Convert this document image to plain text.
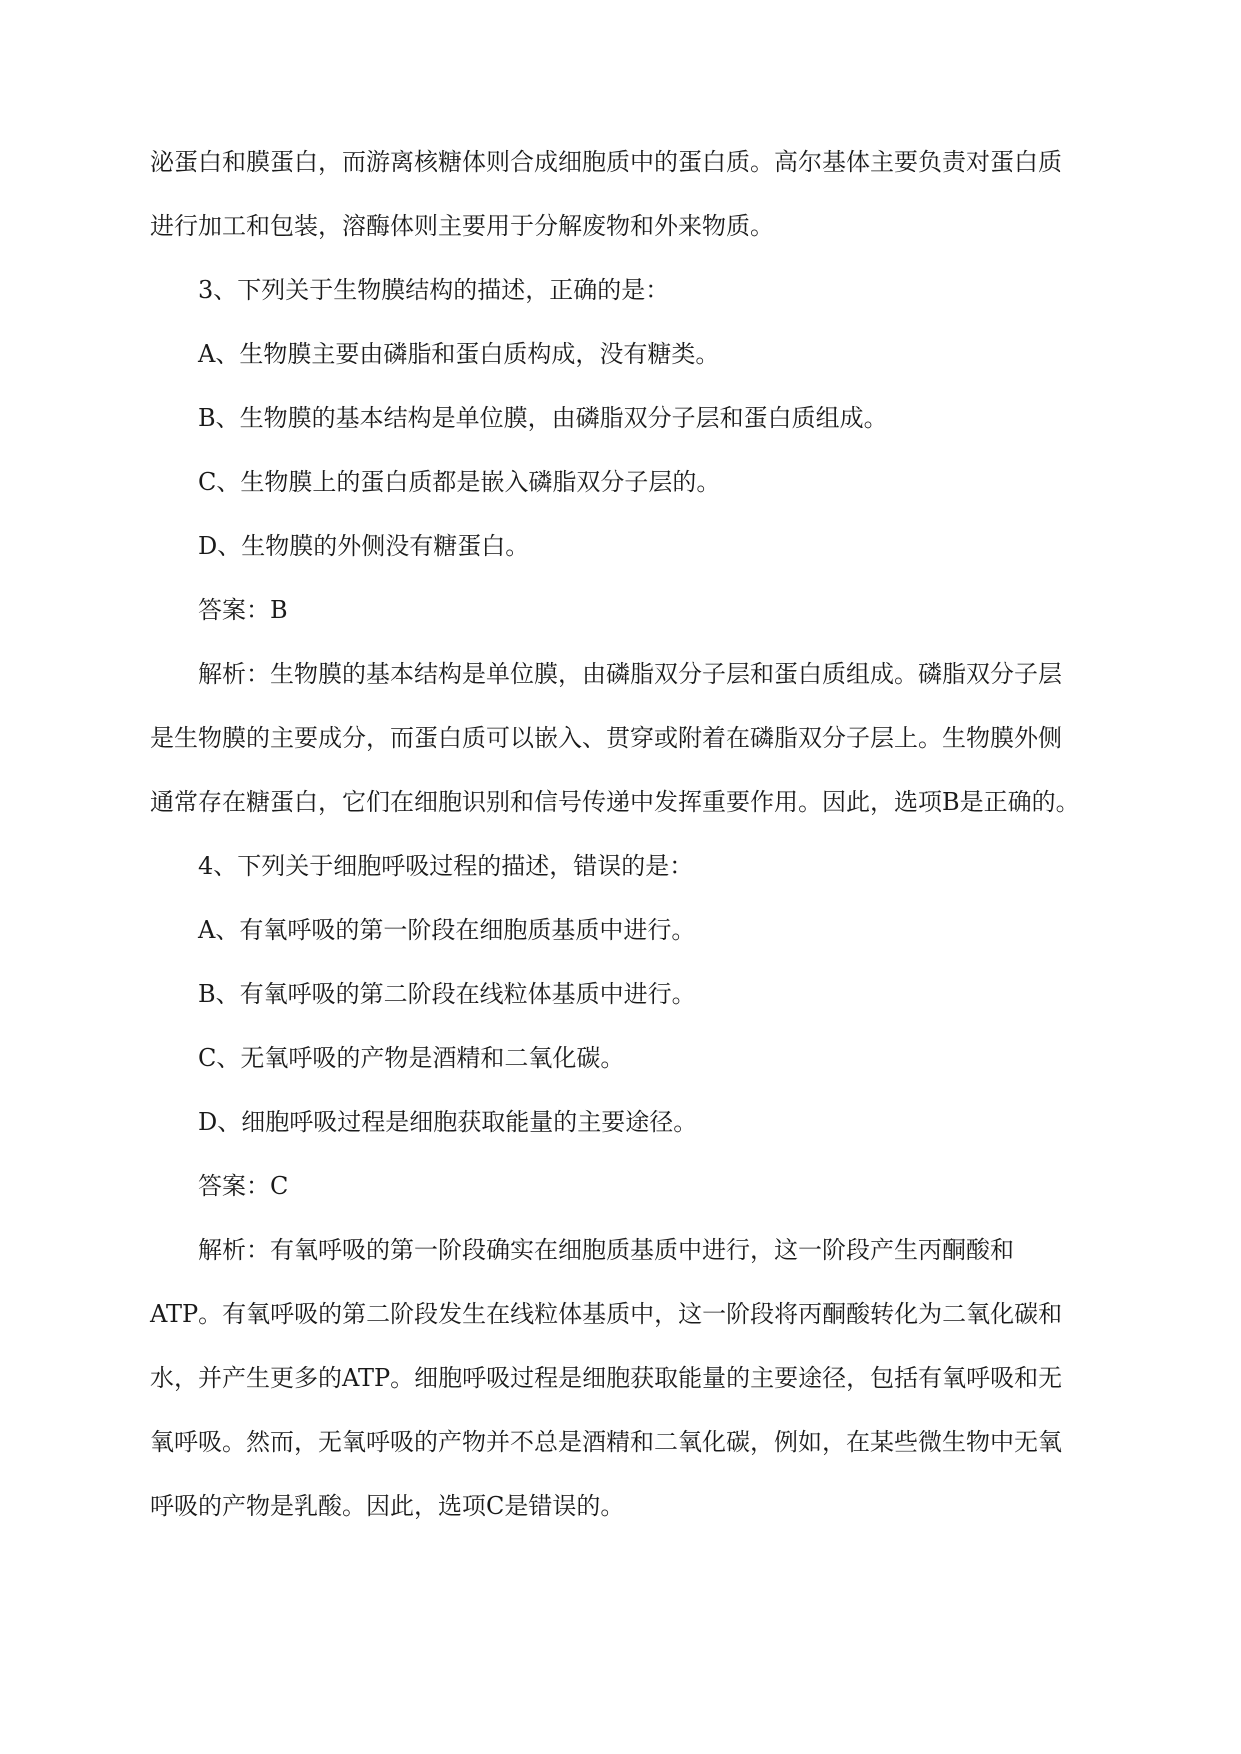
泌蛋白和膜蛋白，而游离核糖体则合成细胞质中的蛋白质。高尔基体主要负责对蛋白质

进行加工和包装，溶酶体则主要用于分解废物和外来物质。

3、下列关于生物膜结构的描述，正确的是：

A、生物膜主要由磷脂和蛋白质构成，没有糖类。

B、生物膜的基本结构是单位膜，由磷脂双分子层和蛋白质组成。

C、生物膜上的蛋白质都是嵌入磷脂双分子层的。

D、生物膜的外侧没有糖蛋白。

答案：B

解析：生物膜的基本结构是单位膜，由磷脂双分子层和蛋白质组成。磷脂双分子层

是生物膜的主要成分，而蛋白质可以嵌入、贯穿或附着在磷脂双分子层上。生物膜外侧

通常存在糖蛋白，它们在细胞识别和信号传递中发挥重要作用。因此，选项B是正确的。

4、下列关于细胞呼吸过程的描述，错误的是：

A、有氧呼吸的第一阶段在细胞质基质中进行。

B、有氧呼吸的第二阶段在线粒体基质中进行。

C、无氧呼吸的产物是酒精和二氧化碳。

D、细胞呼吸过程是细胞获取能量的主要途径。

答案：C

解析：有氧呼吸的第一阶段确实在细胞质基质中进行，这一阶段产生丙酮酸和

ATP。有氧呼吸的第二阶段发生在线粒体基质中，这一阶段将丙酮酸转化为二氧化碳和

水，并产生更多的ATP。细胞呼吸过程是细胞获取能量的主要途径，包括有氧呼吸和无

氧呼吸。然而，无氧呼吸的产物并不总是酒精和二氧化碳，例如，在某些微生物中无氧

呼吸的产物是乳酸。因此，选项C是错误的。
